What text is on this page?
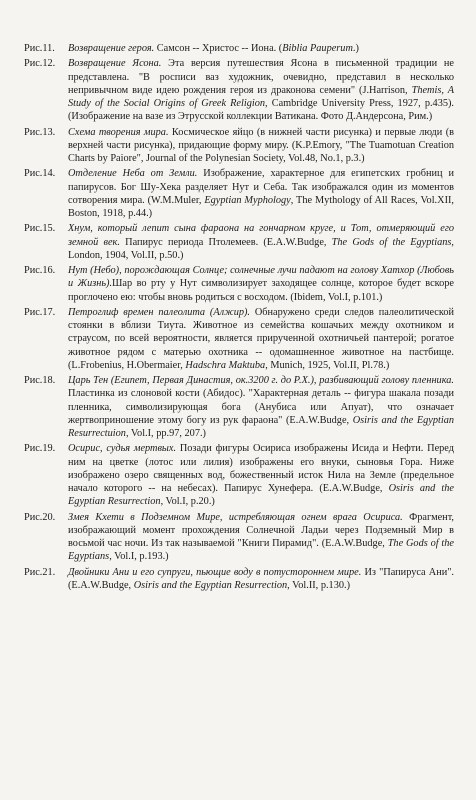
Рис.11.	Возвращение героя. Самсон -- Христос -- Иона. (Biblia Pauperum.)
Рис.12.	Возвращение Ясона. Эта версия путешествия Ясона в письменной традиции не представлена. "В росписи ваз художник, очевидно, представил в несколько непривычном виде идею рождения героя из драконова семени" (J.Harrison, Themis, A Study of the Social Origins of Greek Religion, Cambridge University Press, 1927, p.435). (Изображение на вазе из Этрусской коллекции Ватикана. Фото Д.Андерсона, Рим.)
Рис.13.	Схема творения мира. Космическое яйцо (в нижней части рисунка) и первые люди (в верхней части рисунка), придающие форму миру. (K.P.Emory, "The Tuamotuan Creation Charts by Paiore", Journal of the Polynesian Society, Vol.48, No.1, p.3.)
Рис.14.	Отделение Неба от Земли. Изображение, характерное для египетских гробниц и папирусов. Бог Шу-Хека разделяет Нут и Себа. Так изображался один из моментов сотворения мира. (W.M.Muler, Egyptian Myphology, The Mythology of All Races, Vol.XII, Boston, 1918, p.44.)
Рис.15.	Хнум, который лепит сына фараона на гончарном круге, и Тот, отмеряющий его земной век. Папирус периода Птолемеев. (E.A.W.Budge, The Gods of the Egyptians, London, 1904, Vol.II, p.50.)
Рис.16.	Нут (Небо), порождающая Солнце; солнечные лучи падают на голову Хатхор (Любовь и Жизнь).Шар во рту у Нут символизирует заходящее солнце, которое будет вскоре проглочено ею: чтобы вновь родиться с восходом. (Ibidem, Vol.I, p.101.)
Рис.17.	Петроглиф времен палеолита (Алжир). Обнаружено среди следов палеолитической стоянки в вблизи Тиута. Животное из семейства кошачьих между охотником и страусом, по всей вероятности, является прирученной охотничьей пантерой; рогатое животное рядом с матерью охотника -- одомашненное животное на пастбище. (L.Frobenius, H.Obermaier, Hadschra Maktuba, Munich, 1925, Vol.II, Pl.78.)
Рис.18.	Царь Тен (Египет, Первая Династия, ок.3200 г. до Р.Х.), разбивающий голову пленника. Пластинка из слоновой кости (Абидос). "Характерная деталь -- фигура шакала позади пленника, символизирующая бога (Анубиса или Апуат), что означает жертвоприношение этому богу из рук фараона" (E.A.W.Budge, Osiris and the Egyptian Resurrectuion, Vol.I, pp.97, 207.)
Рис.19.	Осирис, судья мертвых. Позади фигуры Осириса изображены Исида и Нефти. Перед ним на цветке (лотос или лилия) изображены его внуки, сыновья Гора. Ниже изображено озеро священных вод, божественный исток Нила на Земле (предельное начало которого -- на небесах). Папирус Хунефера. (E.A.W.Budge, Osiris and the Egyptian Resurrection, Vol.I, p.20.)
Рис.20.	Змея Кхети в Подземном Мире, истребляющая огнем врага Осириса. Фрагмент, изображающий момент прохождения Солнечной Ладьи через Подземный Мир в восьмой час ночи. Из так называемой "Книги Пирамид". (E.A.W.Budge, The Gods of the Egyptians, Vol.I, p.193.)
Рис.21.	Двойники Ани и его супруги, пьющие воду в потустороннем мире. Из "Папируса Ани". (E.A.W.Budge, Osiris and the Egyptian Resurrection, Vol.II, p.130.)
